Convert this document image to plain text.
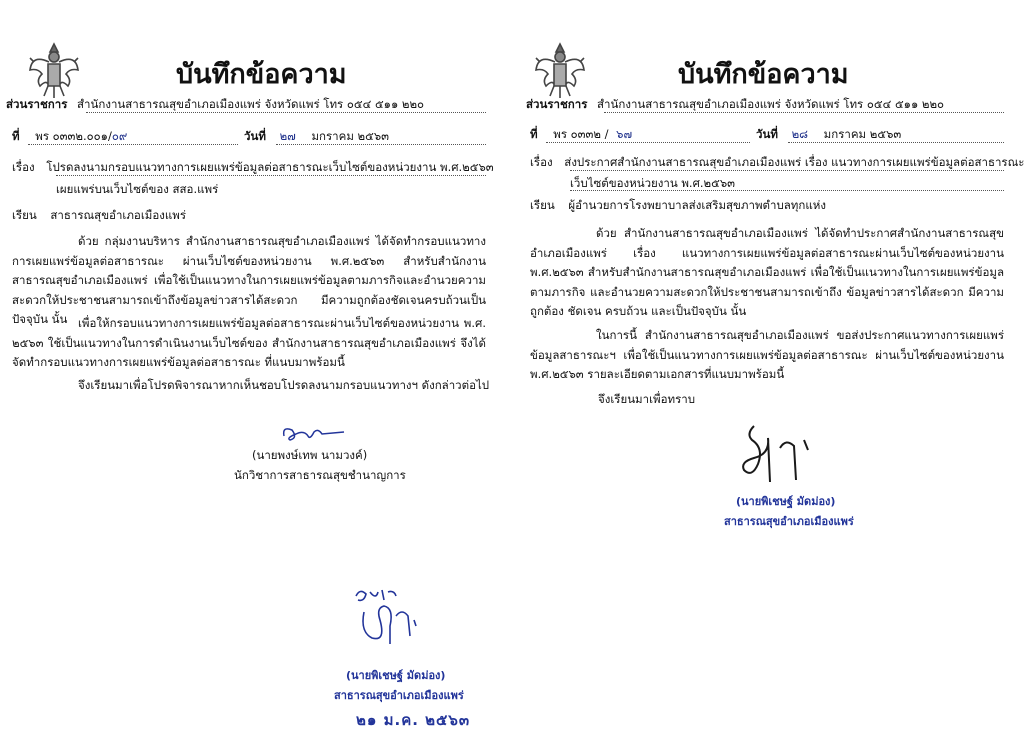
บันทึกข้อความ
ส่วนราชการ สำนักงานสาธารณสุขอำเภอเมืองแพร่ จังหวัดแพร่ โทร ๐๕๔ ๕๑๑ ๒๒๐
ที่ พร ๐๓๓๒.๐๐๑/๐๙	วันที่ ๒๗ มกราคม ๒๕๖๓
เรื่อง โปรดลงนามกรอบแนวทางการเผยแพร่ข้อมูลต่อสาธารณะเว็บไซต์ของหน่วยงาน พ.ศ.๒๕๖๓
เผยแพร่บนเว็บไซต์ของ สสอ.แพร่
เรียน สาธารณสุขอำเภอเมืองแพร่
ด้วย กลุ่มงานบริหาร สำนักงานสาธารณสุขอำเภอเมืองแพร่ ได้จัดทำกรอบแนวทางการเผยแพร่ข้อมูลต่อสาธารณะ ผ่านเว็บไซต์ของหน่วยงาน พ.ศ.๒๕๖๓ สำหรับสำนักงานสาธารณสุขอำเภอเมืองแพร่ เพื่อใช้เป็นแนวทางในการเผยแพร่ข้อมูลตามภารกิจและอำนวยความสะดวกให้ประชาชนสามารถเข้าถึงข้อมูลข่าวสารได้สะดวก มีความถูกต้องชัดเจนครบถ้วนเป็นปัจจุบัน นั้น เพื่อให้กรอบแนวทางการเผยแพร่ข้อมูลต่อสาธารณะผ่านเว็บไซต์ของหน่วยงาน พ.ศ. ๒๕๖๓ ใช้เป็นแนวทางในการดำเนินงานเว็บไซต์ของ สำนักงานสาธารณสุขอำเภอเมืองแพร่ จึงได้จัดทำกรอบแนวทางการเผยแพร่ข้อมูลต่อสาธารณะ ที่แนบมาพร้อมนี้
จึงเรียนมาเพื่อโปรดพิจารณาหากเห็นชอบโปรดลงนามกรอบแนวทางฯ ดังกล่าวต่อไป
(นายพงษ์เทพ นามวงค์)
นักวิชาการสาธารณสุขชำนาญการ
(นายพิเชษฐ์ มัดม่อง)
สาธารณสุขอำเภอเมืองแพร่
๒๑ ม.ค. ๒๕๖๓
บันทึกข้อความ
ส่วนราชการ สำนักงานสาธารณสุขอำเภอเมืองแพร่ จังหวัดแพร่ โทร ๐๕๔ ๕๑๑ ๒๒๐
ที่ พร ๐๓๓๒ / ๖๗	วันที่ ๒๘ มกราคม ๒๕๖๓
เรื่อง ส่งประกาศสำนักงานสาธารณสุขอำเภอเมืองแพร่ เรื่อง แนวทางการเผยแพร่ข้อมูลต่อสาธารณะ
เว็บไซต์ของหน่วยงาน พ.ศ.๒๕๖๓
เรียน ผู้อำนวยการโรงพยาบาลส่งเสริมสุขภาพตำบลทุกแห่ง
ด้วย สำนักงานสาธารณสุขอำเภอเมืองแพร่ ได้จัดทำประกาศสำนักงานสาธารณสุขอำเภอเมืองแพร่ เรื่อง แนวทางการเผยแพร่ข้อมูลต่อสาธารณะผ่านเว็บไซต์ของหน่วยงาน พ.ศ.๒๕๖๓ สำหรับสำนักงานสาธารณสุขอำเภอเมืองแพร่ เพื่อใช้เป็นแนวทางในการเผยแพร่ข้อมูลตามภารกิจ และอำนวยความสะดวกให้ประชาชนสามารถเข้าถึง ข้อมูลข่าวสารได้สะดวก มีความถูกต้อง ชัดเจน ครบถ้วน และเป็นปัจจุบัน นั้น
ในการนี้ สำนักงานสาธารณสุขอำเภอเมืองแพร่ ขอส่งประกาศแนวทางการเผยแพร่ข้อมูลสาธารณะฯ เพื่อใช้เป็นแนวทางการเผยแพร่ข้อมูลต่อสาธารณะ ผ่านเว็บไซต์ของหน่วยงาน พ.ศ.๒๕๖๓ รายละเอียดตามเอกสารที่แนบมาพร้อมนี้
จึงเรียนมาเพื่อทราบ
(นายพิเชษฐ์ มัดม่อง)
สาธารณสุขอำเภอเมืองแพร่
